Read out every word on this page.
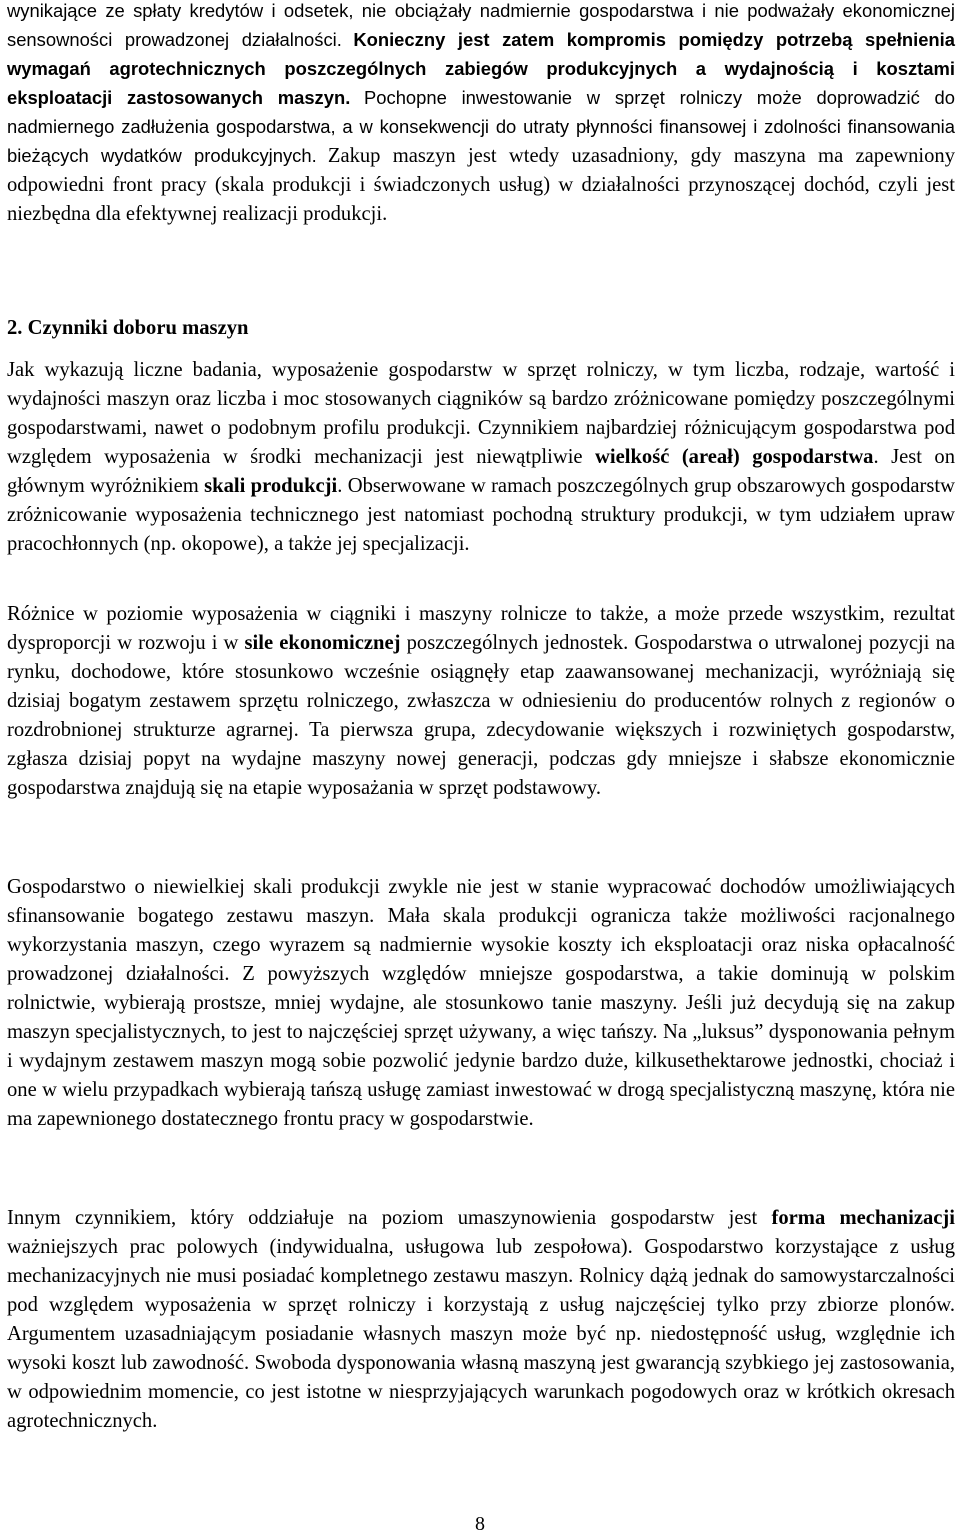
wynikające ze spłaty kredytów i odsetek, nie obciążały nadmiernie gospodarstwa i nie podważały ekonomicznej sensowności prowadzonej działalności. Konieczny jest zatem kompromis pomiędzy potrzebą spełnienia wymagań agrotechnicznych poszczególnych zabiegów produkcyjnych a wydajnością i kosztami eksploatacji zastosowanych maszyn. Pochopne inwestowanie w sprzęt rolniczy może doprowadzić do nadmiernego zadłużenia gospodarstwa, a w konsekwencji do utraty płynności finansowej i zdolności finansowania bieżących wydatków produkcyjnych. Zakup maszyn jest wtedy uzasadniony, gdy maszyna ma zapewniony odpowiedni front pracy (skala produkcji i świadczonych usług) w działalności przynoszącej dochód, czyli jest niezbędna dla efektywnej realizacji produkcji.

2. Czynniki doboru maszyn

Jak wykazują liczne badania, wyposażenie gospodarstw w sprzęt rolniczy, w tym liczba, rodzaje, wartość i wydajności maszyn oraz liczba i moc stosowanych ciągników są bardzo zróżnicowane pomiędzy poszczególnymi gospodarstwami, nawet o podobnym profilu produkcji. Czynnikiem najbardziej różnicującym gospodarstwa pod względem wyposażenia w środki mechanizacji jest niewątpliwie wielkość (areał) gospodarstwa. Jest on głównym wyróżnikiem skali produkcji. Obserwowane w ramach poszczególnych grup obszarowych gospodarstw zróżnicowanie wyposażenia technicznego jest natomiast pochodną struktury produkcji, w tym udziałem upraw pracochłonnych (np. okopowe), a także jej specjalizacji.

Różnice w poziomie wyposażenia w ciągniki i maszyny rolnicze to także, a może przede wszystkim, rezultat dysproporcji w rozwoju i w sile ekonomicznej poszczególnych jednostek. Gospodarstwa o utrwalonej pozycji na rynku, dochodowe, które stosunkowo wcześnie osiągnęły etap zaawansowanej mechanizacji, wyróżniają się dzisiaj bogatym zestawem sprzętu rolniczego, zwłaszcza w odniesieniu do producentów rolnych z regionów o rozdrobnionej strukturze agrarnej. Ta pierwsza grupa, zdecydowanie większych i rozwiniętych gospodarstw, zgłasza dzisiaj popyt na wydajne maszyny nowej generacji, podczas gdy mniejsze i słabsze ekonomicznie gospodarstwa znajdują się na etapie wyposażania w sprzęt podstawowy.

Gospodarstwo o niewielkiej skali produkcji zwykle nie jest w stanie wypracować dochodów umożliwiających sfinansowanie bogatego zestawu maszyn. Mała skala produkcji ogranicza także możliwości racjonalnego wykorzystania maszyn, czego wyrazem są nadmiernie wysokie koszty ich eksploatacji oraz niska opłacalność prowadzonej działalności. Z powyższych względów mniejsze gospodarstwa, a takie dominują w polskim rolnictwie, wybierają prostsze, mniej wydajne, ale stosunkowo tanie maszyny. Jeśli już decydują się na zakup maszyn specjalistycznych, to jest to najczęściej sprzęt używany, a więc tańszy. Na „luksus” dysponowania pełnym i wydajnym zestawem maszyn mogą sobie pozwolić jedynie bardzo duże, kilkusethektarowe jednostki, chociaż i one w wielu przypadkach wybierają tańszą usługę zamiast inwestować w drogą specjalistyczną maszynę, która nie ma zapewnionego dostatecznego frontu pracy w gospodarstwie.

Innym czynnikiem, który oddziałuje na poziom umaszynowienia gospodarstw jest forma mechanizacji ważniejszych prac polowych (indywidualna, usługowa lub zespołowa). Gospodarstwo korzystające z usług mechanizacyjnych nie musi posiadać kompletnego zestawu maszyn. Rolnicy dążą jednak do samowystarczalności pod względem wyposażenia w sprzęt rolniczy i korzystają z usług najczęściej tylko przy zbiorze plonów. Argumentem uzasadniającym posiadanie własnych maszyn może być np. niedostępność usług, względnie ich wysoki koszt lub zawodność. Swoboda dysponowania własną maszyną jest gwarancją szybkiego jej zastosowania, w odpowiednim momencie, co jest istotne w niesprzyjających warunkach pogodowych oraz w krótkich okresach agrotechnicznych.

8
